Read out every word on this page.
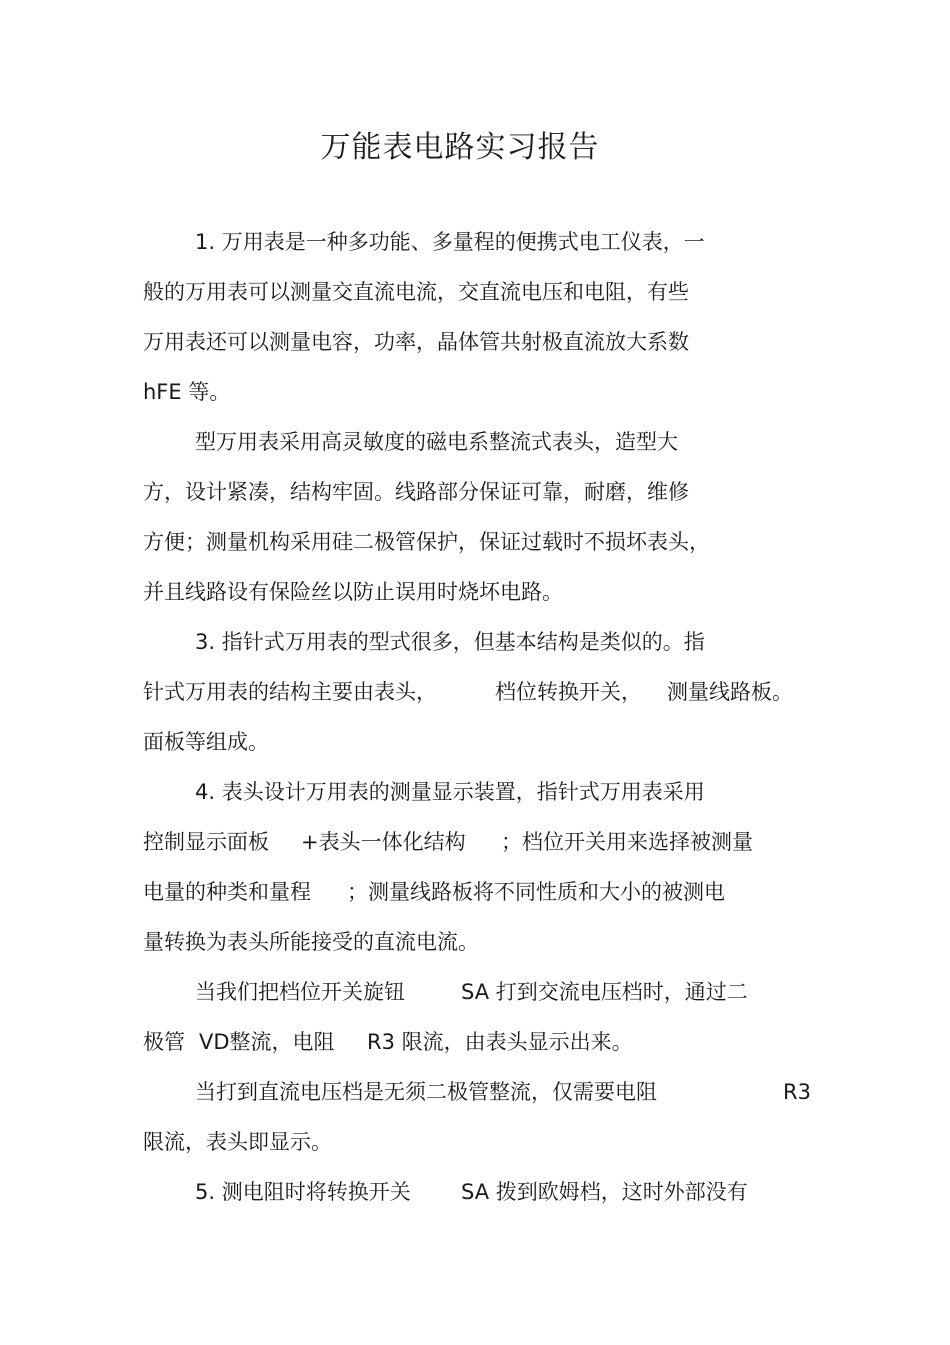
万能表电路实习报告
1. 万用表是一种多功能、多量程的便携式电工仪表，一
般的万用表可以测量交直流电流，交直流电压和电阻，有些
万用表还可以测量电容，功率，晶体管共射极直流放大系数
hFE 等。
型万用表采用高灵敏度的磁电系整流式表头，造型大
方，设计紧凑，结构牢固。线路部分保证可靠，耐磨，维修
方便；测量机构采用硅二极管保护，保证过载时不损坏表头，
并且线路设有保险丝以防止误用时烧坏电路。
3. 指针式万用表的型式很多，但基本结构是类似的。指

针式万用表的结构主要由表头，

	档位转换开关，

测量线路板。

面板等组成。
4. 表头设计万用表的测量显示装置，指针式万用表采用

控制显示面板

+表头一体化结构

；档位开关用来选择被测量

电量的种类和量程

；测量线路板将不同性质和大小的被测电

量转换为表头所能接受的直流电流。

当我们把档位开关旋钮

	SA 打到交流电压档时，通过二

极管

VD整流，电阻

R3 限流，由表头显示出来。

当打到直流电压档是无须二极管整流，仅需要电阻

	R3

限流，表头即显示。

5. 测电阻时将转换开关

SA 拨到欧姆档，这时外部没有
